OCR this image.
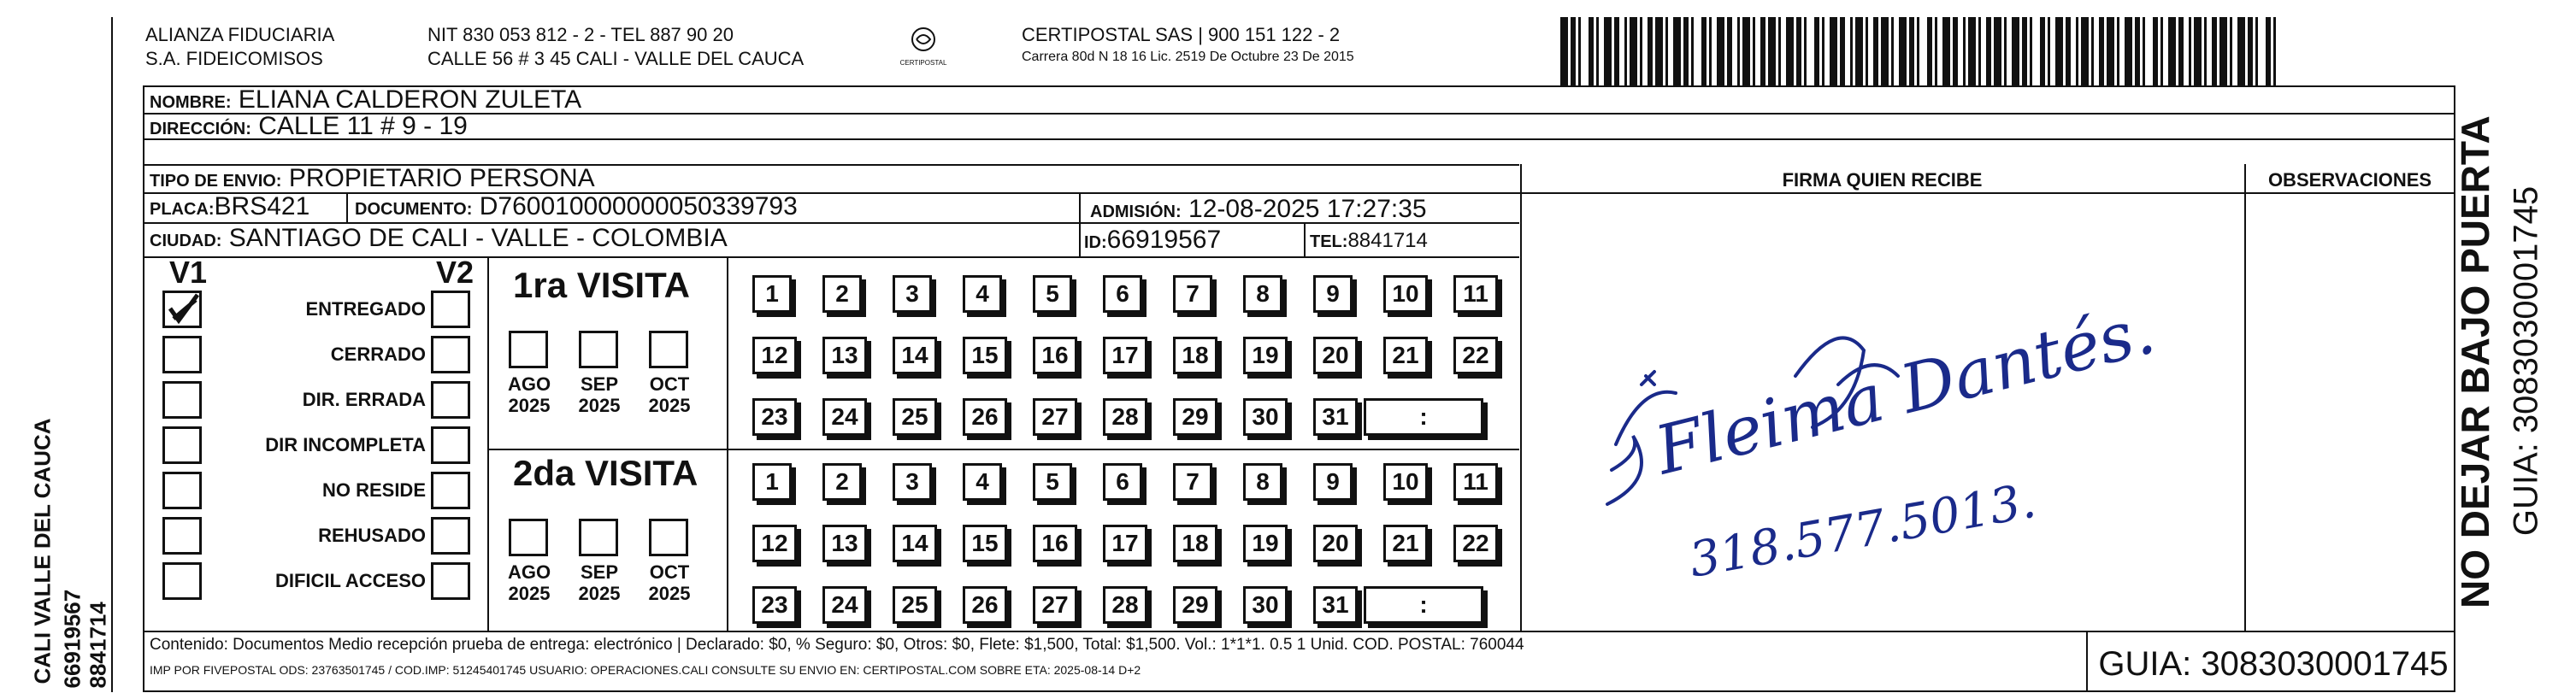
CALI VALLE DEL CAUCA 66919567 8841714
ALIANZA FIDUCIARIA
S.A. FIDEICOMISOS
NIT 830 053 812 - 2 - TEL 887 90 20
CALLE 56 # 3 45 CALI - VALLE DEL CAUCA	CERTIPOSTAL
CERTIPOSTAL SAS | 900 151 122 - 2
Carrera 80d N 18 16 Lic. 2519 De Octubre 23 De 2015
NOMBRE: ELIANA CALDERON ZULETA
DIRECCIÓN: CALLE 11 # 9 - 19
TIPO DE ENVIO: PROPIETARIO PERSONA
PLACA:BRS421	DOCUMENTO: D760010000000050339793	ADMISIÓN: 12-08-2025 17:27:35
CIUDAD: SANTIAGO DE CALI - VALLE - COLOMBIA	ID:66919567	TEL:8841714
FIRMA QUIEN RECIBE	OBSERVACIONES
V1	V2
ENTREGADO
CERRADO
DIR. ERRADA
DIR INCOMPLETA
NO RESIDE
REHUSADO
DIFICIL ACCESO
1ra VISITA
2da VISITA
AGO
2025
SEP
2025
OCT
2025
1	2	3	4	5	6	7	8	9	10	11
12	13	14	15	16	17	18	19	20	21	22
23	24	25	26	27	28	29	30	31	:
AGO
2025
SEP
2025
OCT
2025
1	2	3	4	5	6	7	8	9	10	11
12	13	14	15	16	17	18	19	20	21	22
23	24	25	26	27	28	29	30	31	:
Fleima Dantés.
318.577.5013.	NO DEJAR BAJO PUERTA GUIA: 3083030001745
Contenido: Documentos Medio recepción prueba de entrega: electrónico | Declarado: $0, % Seguro: $0, Otros: $0, Flete: $1,500, Total: $1,500. Vol.: 1*1*1. 0.5 1 Unid. COD. POSTAL: 760044
IMP POR FIVEPOSTAL ODS: 23763501745 / COD.IMP: 51245401745 USUARIO: OPERACIONES.CALI CONSULTE SU ENVIO EN: CERTIPOSTAL.COM SOBRE ETA: 2025-08-14 D+2	GUIA: 3083030001745
